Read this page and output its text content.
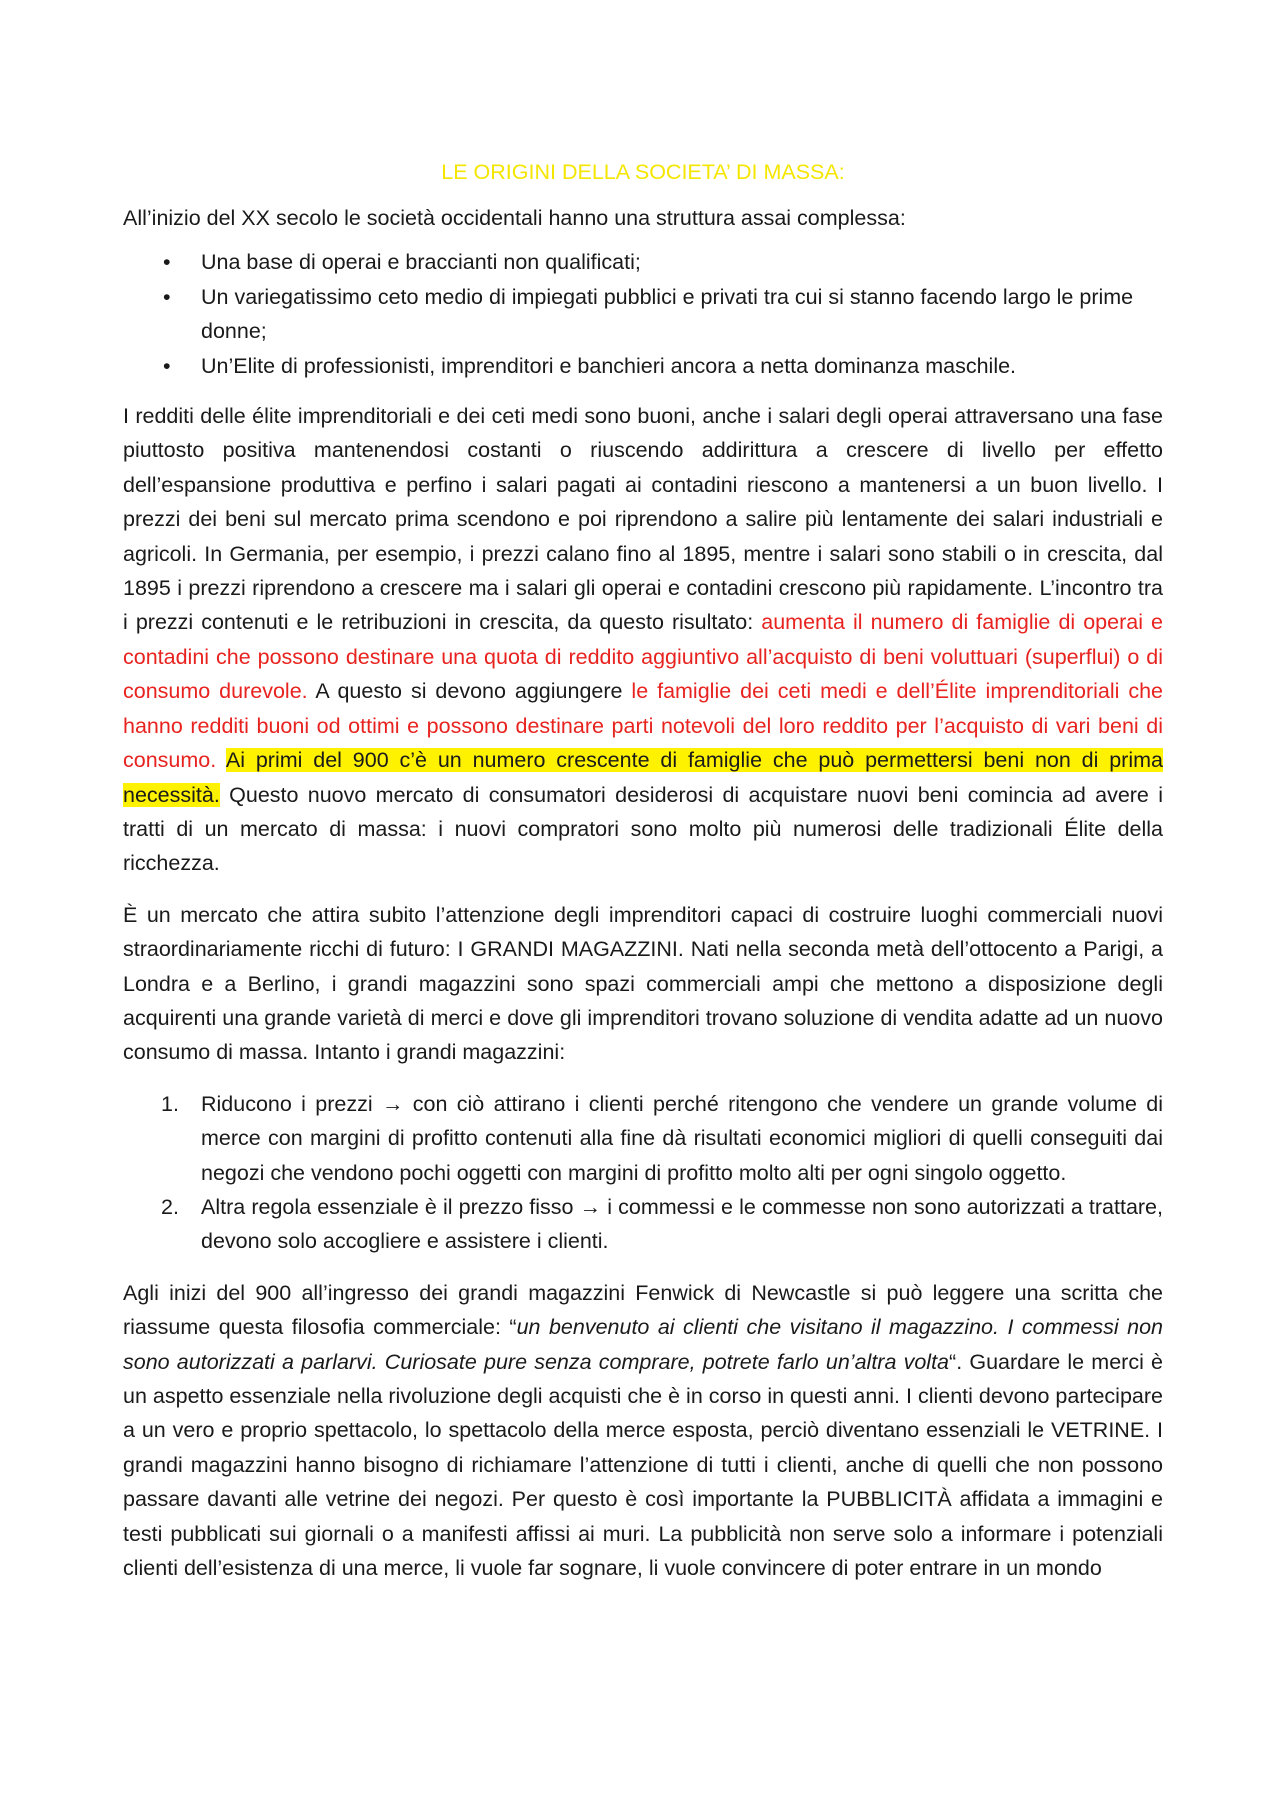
LE ORIGINI DELLA SOCIETA’ DI MASSA:

All’inizio del XX secolo le società occidentali hanno una struttura assai complessa:

• Una base di operai e braccianti non qualificati;
• Un variegatissimo ceto medio di impiegati pubblici e privati tra cui si stanno facendo largo le prime donne;
• Un’Elite di professionisti, imprenditori e banchieri ancora a netta dominanza maschile.

I redditi delle élite imprenditoriali e dei ceti medi sono buoni, anche i salari degli operai attraversano una fase piuttosto positiva mantenendosi costanti o riuscendo addirittura a crescere di livello per effetto dell’espansione produttiva e perfino i salari pagati ai contadini riescono a mantenersi a un buon livello. I prezzi dei beni sul mercato prima scendono e poi riprendono a salire più lentamente dei salari industriali e agricoli. In Germania, per esempio, i prezzi calano fino al 1895, mentre i salari sono stabili o in crescita, dal 1895 i prezzi riprendono a crescere ma i salari gli operai e contadini crescono più rapidamente. L’incontro tra i prezzi contenuti e le retribuzioni in crescita, da questo risultato: aumenta il numero di famiglie di operai e contadini che possono destinare una quota di reddito aggiuntivo all’acquisto di beni voluttuari (superflui) o di consumo durevole. A questo si devono aggiungere le famiglie dei ceti medi e dell’Élite imprenditoriali che hanno redditi buoni od ottimi e possono destinare parti notevoli del loro reddito per l’acquisto di vari beni di consumo. Ai primi del 900 c’è un numero crescente di famiglie che può permettersi beni non di prima necessità. Questo nuovo mercato di consumatori desiderosi di acquistare nuovi beni comincia ad avere i tratti di un mercato di massa: i nuovi compratori sono molto più numerosi delle tradizionali Élite della ricchezza.

È un mercato che attira subito l’attenzione degli imprenditori capaci di costruire luoghi commerciali nuovi straordinariamente ricchi di futuro: I GRANDI MAGAZZINI. Nati nella seconda metà dell’ottocento a Parigi, a Londra e a Berlino, i grandi magazzini sono spazi commerciali ampi che mettono a disposizione degli acquirenti una grande varietà di merci e dove gli imprenditori trovano soluzione di vendita adatte ad un nuovo consumo di massa. Intanto i grandi magazzini:

1. Riducono i prezzi → con ciò attirano i clienti perché ritengono che vendere un grande volume di merce con margini di profitto contenuti alla fine dà risultati economici migliori di quelli conseguiti dai negozi che vendono pochi oggetti con margini di profitto molto alti per ogni singolo oggetto.
2. Altra regola essenziale è il prezzo fisso → i commessi e le commesse non sono autorizzati a trattare, devono solo accogliere e assistere i clienti.

Agli inizi del 900 all’ingresso dei grandi magazzini Fenwick di Newcastle si può leggere una scritta che riassume questa filosofia commerciale: “un benvenuto ai clienti che visitano il magazzino. I commessi non sono autorizzati a parlarvi. Curiosate pure senza comprare, potrete farlo un’altra volta“. Guardare le merci è un aspetto essenziale nella rivoluzione degli acquisti che è in corso in questi anni. I clienti devono partecipare a un vero e proprio spettacolo, lo spettacolo della merce esposta, perciò diventano essenziali le VETRINE. I grandi magazzini hanno bisogno di richiamare l’attenzione di tutti i clienti, anche di quelli che non possono passare davanti alle vetrine dei negozi. Per questo è così importante la PUBBLICITÀ affidata a immagini e testi pubblicati sui giornali o a manifesti affissi ai muri. La pubblicità non serve solo a informare i potenziali clienti dell’esistenza di una merce, li vuole far sognare, li vuole convincere di poter entrare in un mondo
